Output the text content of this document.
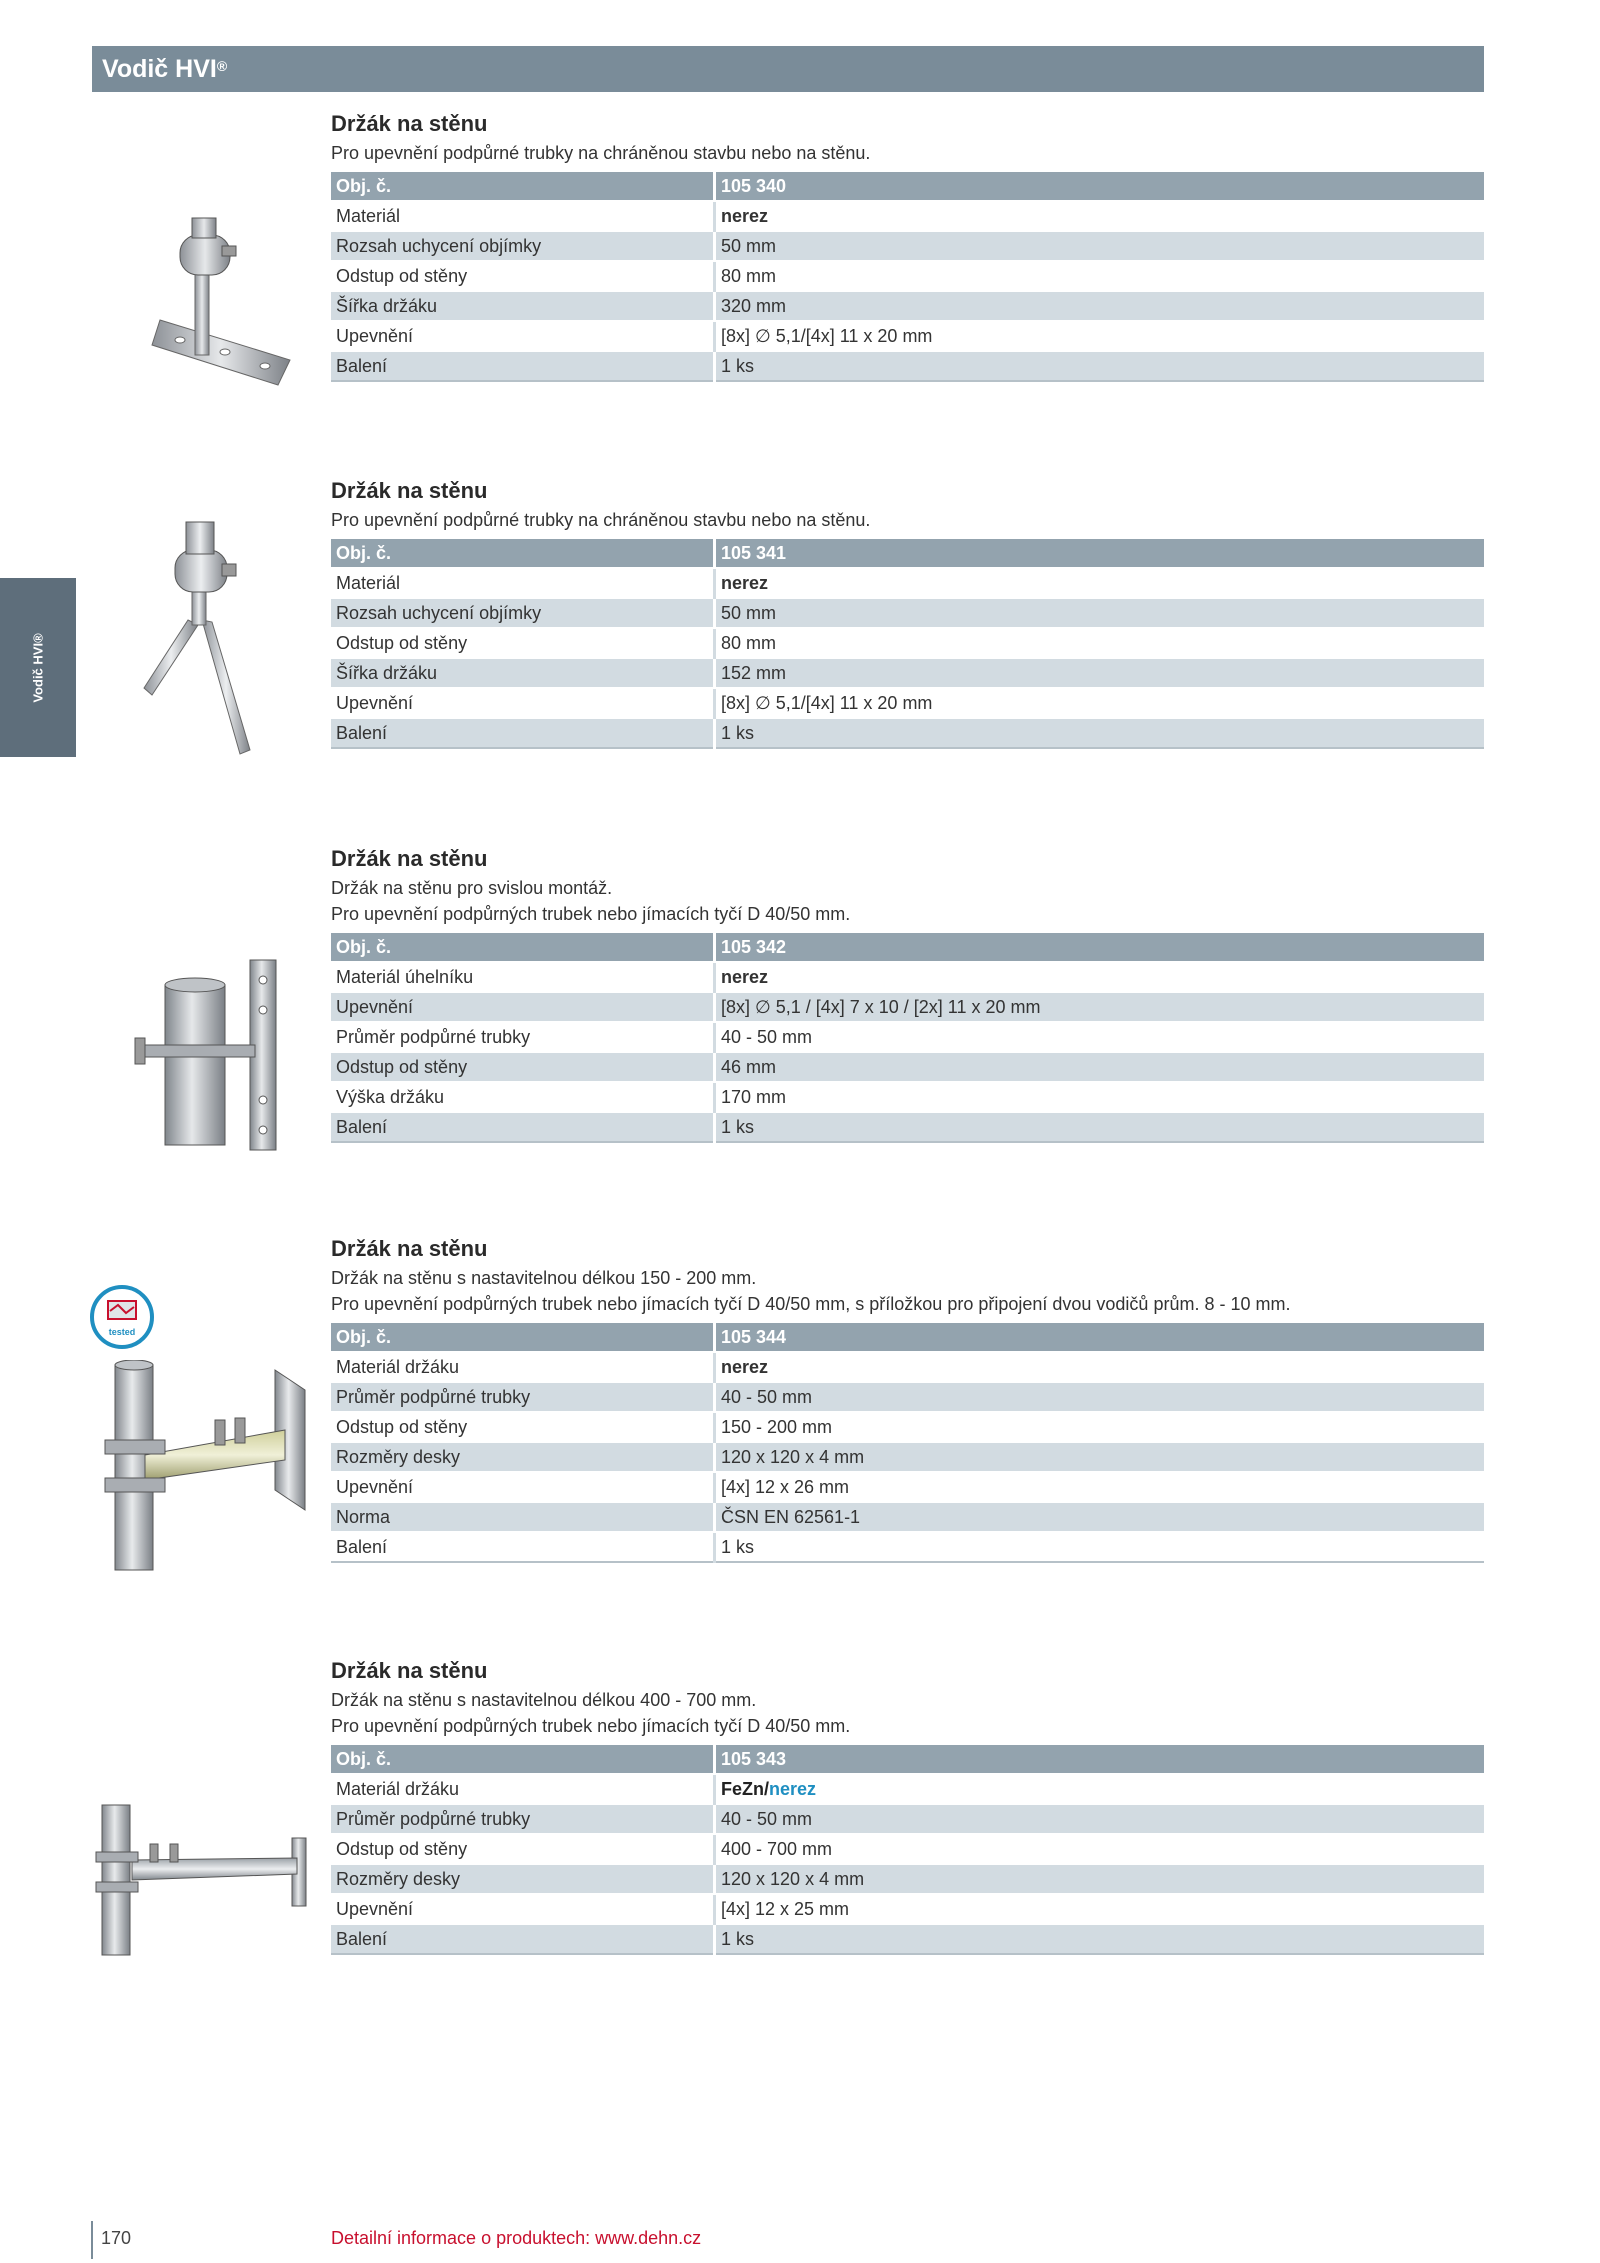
Vodič HVI®
Vodič HVI®
Držák na stěnu
Pro upevnění podpůrné trubky na chráněnou stavbu nebo na stěnu.
Obj. č.	105 340
Materiál	nerez
Rozsah uchycení objímky	50 mm
Odstup od stěny	80 mm
Šířka držáku	320 mm
Upevnění	[8x] ∅ 5,1/[4x] 11 x 20 mm
Balení	1 ks
Držák na stěnu
Pro upevnění podpůrné trubky na chráněnou stavbu nebo na stěnu.
Obj. č.	105 341
Materiál	nerez
Rozsah uchycení objímky	50 mm
Odstup od stěny	80 mm
Šířka držáku	152 mm
Upevnění	[8x] ∅ 5,1/[4x] 11 x 20 mm
Balení	1 ks
Držák na stěnu
Držák na stěnu pro svislou montáž.
Pro upevnění podpůrných trubek nebo jímacích tyčí D 40/50 mm.
Obj. č.	105 342
Materiál úhelníku	nerez
Upevnění	[8x] ∅ 5,1 / [4x] 7 x 10 / [2x] 11 x 20 mm
Průměr podpůrné trubky	40 - 50 mm
Odstup od stěny	46 mm
Výška držáku	170 mm
Balení	1 ks
tested
Držák na stěnu
Držák na stěnu s nastavitelnou délkou 150 - 200 mm.
Pro upevnění podpůrných trubek nebo jímacích tyčí D 40/50 mm, s příložkou pro připojení dvou vodičů prům. 8 - 10 mm.
Obj. č.	105 344
Materiál držáku	nerez
Průměr podpůrné trubky	40 - 50 mm
Odstup od stěny	150 - 200 mm
Rozměry desky	120 x 120 x 4 mm
Upevnění	[4x] 12 x 26 mm
Norma	ČSN EN 62561-1
Balení	1 ks
Držák na stěnu
Držák na stěnu s nastavitelnou délkou 400 - 700 mm.
Pro upevnění podpůrných trubek nebo jímacích tyčí D 40/50 mm.
Obj. č.	105 343
Materiál držáku	FeZn/nerez
Průměr podpůrné trubky	40 - 50 mm
Odstup od stěny	400 - 700 mm
Rozměry desky	120 x 120 x 4 mm
Upevnění	[4x] 12 x 25 mm
Balení	1 ks
170	Detailní informace o produktech: www.dehn.cz
